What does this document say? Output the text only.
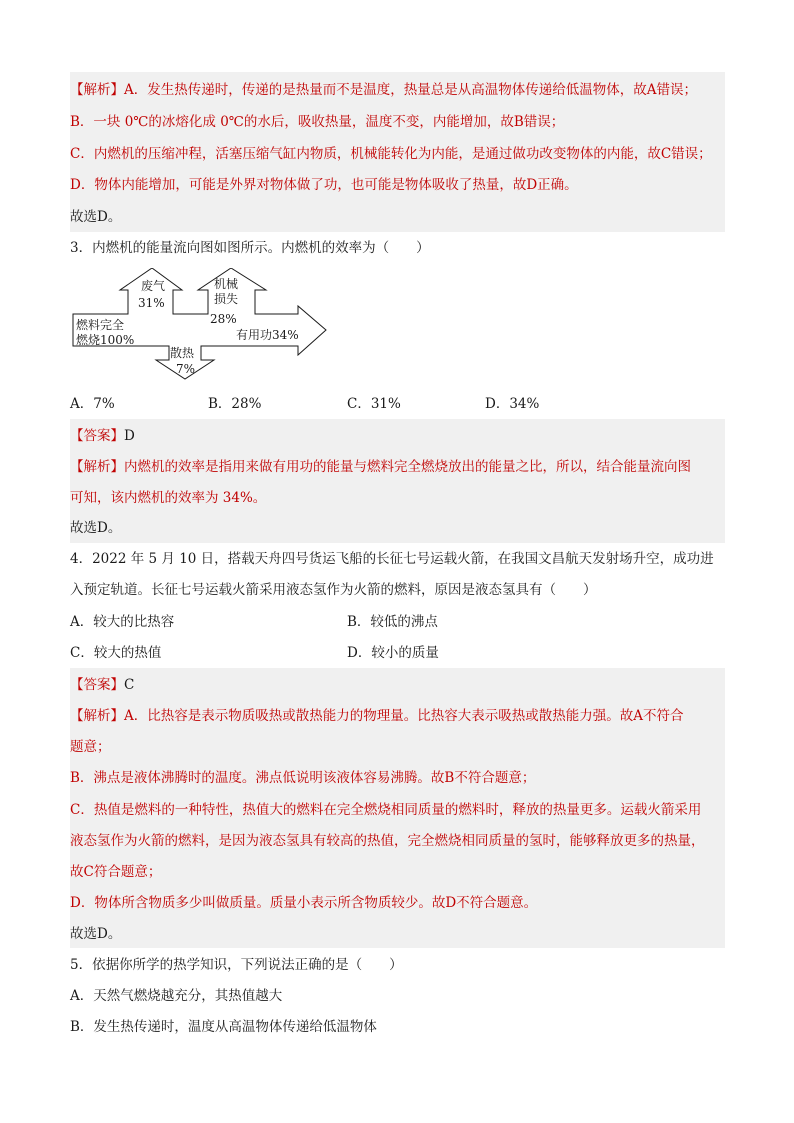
【解析】A．发生热传递时，传递的是热量而不是温度，热量总是从高温物体传递给低温物体，故A错误；
B．一块 0℃的冰熔化成 0℃的水后，吸收热量，温度不变，内能增加，故B错误；
C．内燃机的压缩冲程，活塞压缩气缸内物质，机械能转化为内能，是通过做功改变物体的内能，故C错误；
D．物体内能增加，可能是外界对物体做了功，也可能是物体吸收了热量，故D正确。
故选D。
3．内燃机的能量流向图如图所示。内燃机的效率为（　　）
燃料完全
燃烧100%
废气
31%
机械
损失
28%
有用功34%
散热
7%
A．7%	B．28%	C．31%	D．34%
【答案】D
【解析】内燃机的效率是指用来做有用功的能量与燃料完全燃烧放出的能量之比，所以，结合能量流向图
可知，该内燃机的效率为 34%。
故选D。
4．2022 年 5 月 10 日，搭载天舟四号货运飞船的长征七号运载火箭，在我国文昌航天发射场升空，成功进
入预定轨道。长征七号运载火箭采用液态氢作为火箭的燃料，原因是液态氢具有（　　）
A．较大的比热容	B．较低的沸点
C．较大的热值	D．较小的质量
【答案】C
【解析】A．比热容是表示物质吸热或散热能力的物理量。比热容大表示吸热或散热能力强。故A不符合
题意；
B．沸点是液体沸腾时的温度。沸点低说明该液体容易沸腾。故B不符合题意；
C．热值是燃料的一种特性，热值大的燃料在完全燃烧相同质量的燃料时，释放的热量更多。运载火箭采用
液态氢作为火箭的燃料，是因为液态氢具有较高的热值，完全燃烧相同质量的氢时，能够释放更多的热量，
故C符合题意；
D．物体所含物质多少叫做质量。质量小表示所含物质较少。故D不符合题意。
故选D。
5．依据你所学的热学知识，下列说法正确的是（　　）
A．天然气燃烧越充分，其热值越大
B．发生热传递时，温度从高温物体传递给低温物体
